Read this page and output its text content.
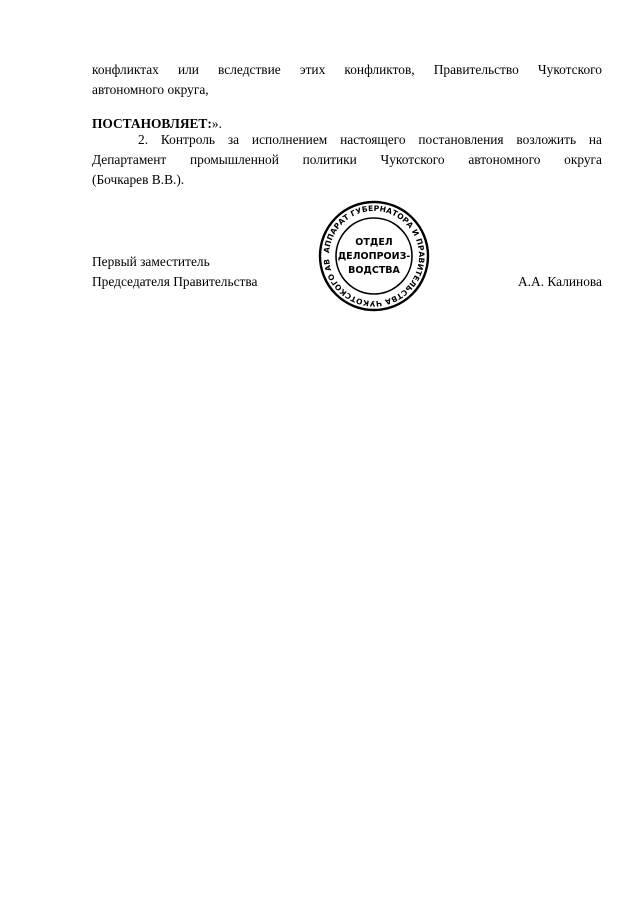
конфликтах или вследствие этих конфликтов, Правительство Чукотского
автономного округа,
ПОСТАНОВЛЯЕТ:».
2. Контроль за исполнением настоящего постановления возложить на
Департамент промышленной политики Чукотского автономного округа
(Бочкарев В.В.).
Первый заместитель
Председателя Правительства	А.А. Калинова
АППАРАТ ГУБЕРНАТОРА И ПРАВИТЕЛЬСТВА ЧУКОТСКОГО АВ
ОТДЕЛ
ДЕЛОПРОИЗ-
ВОДСТВА
